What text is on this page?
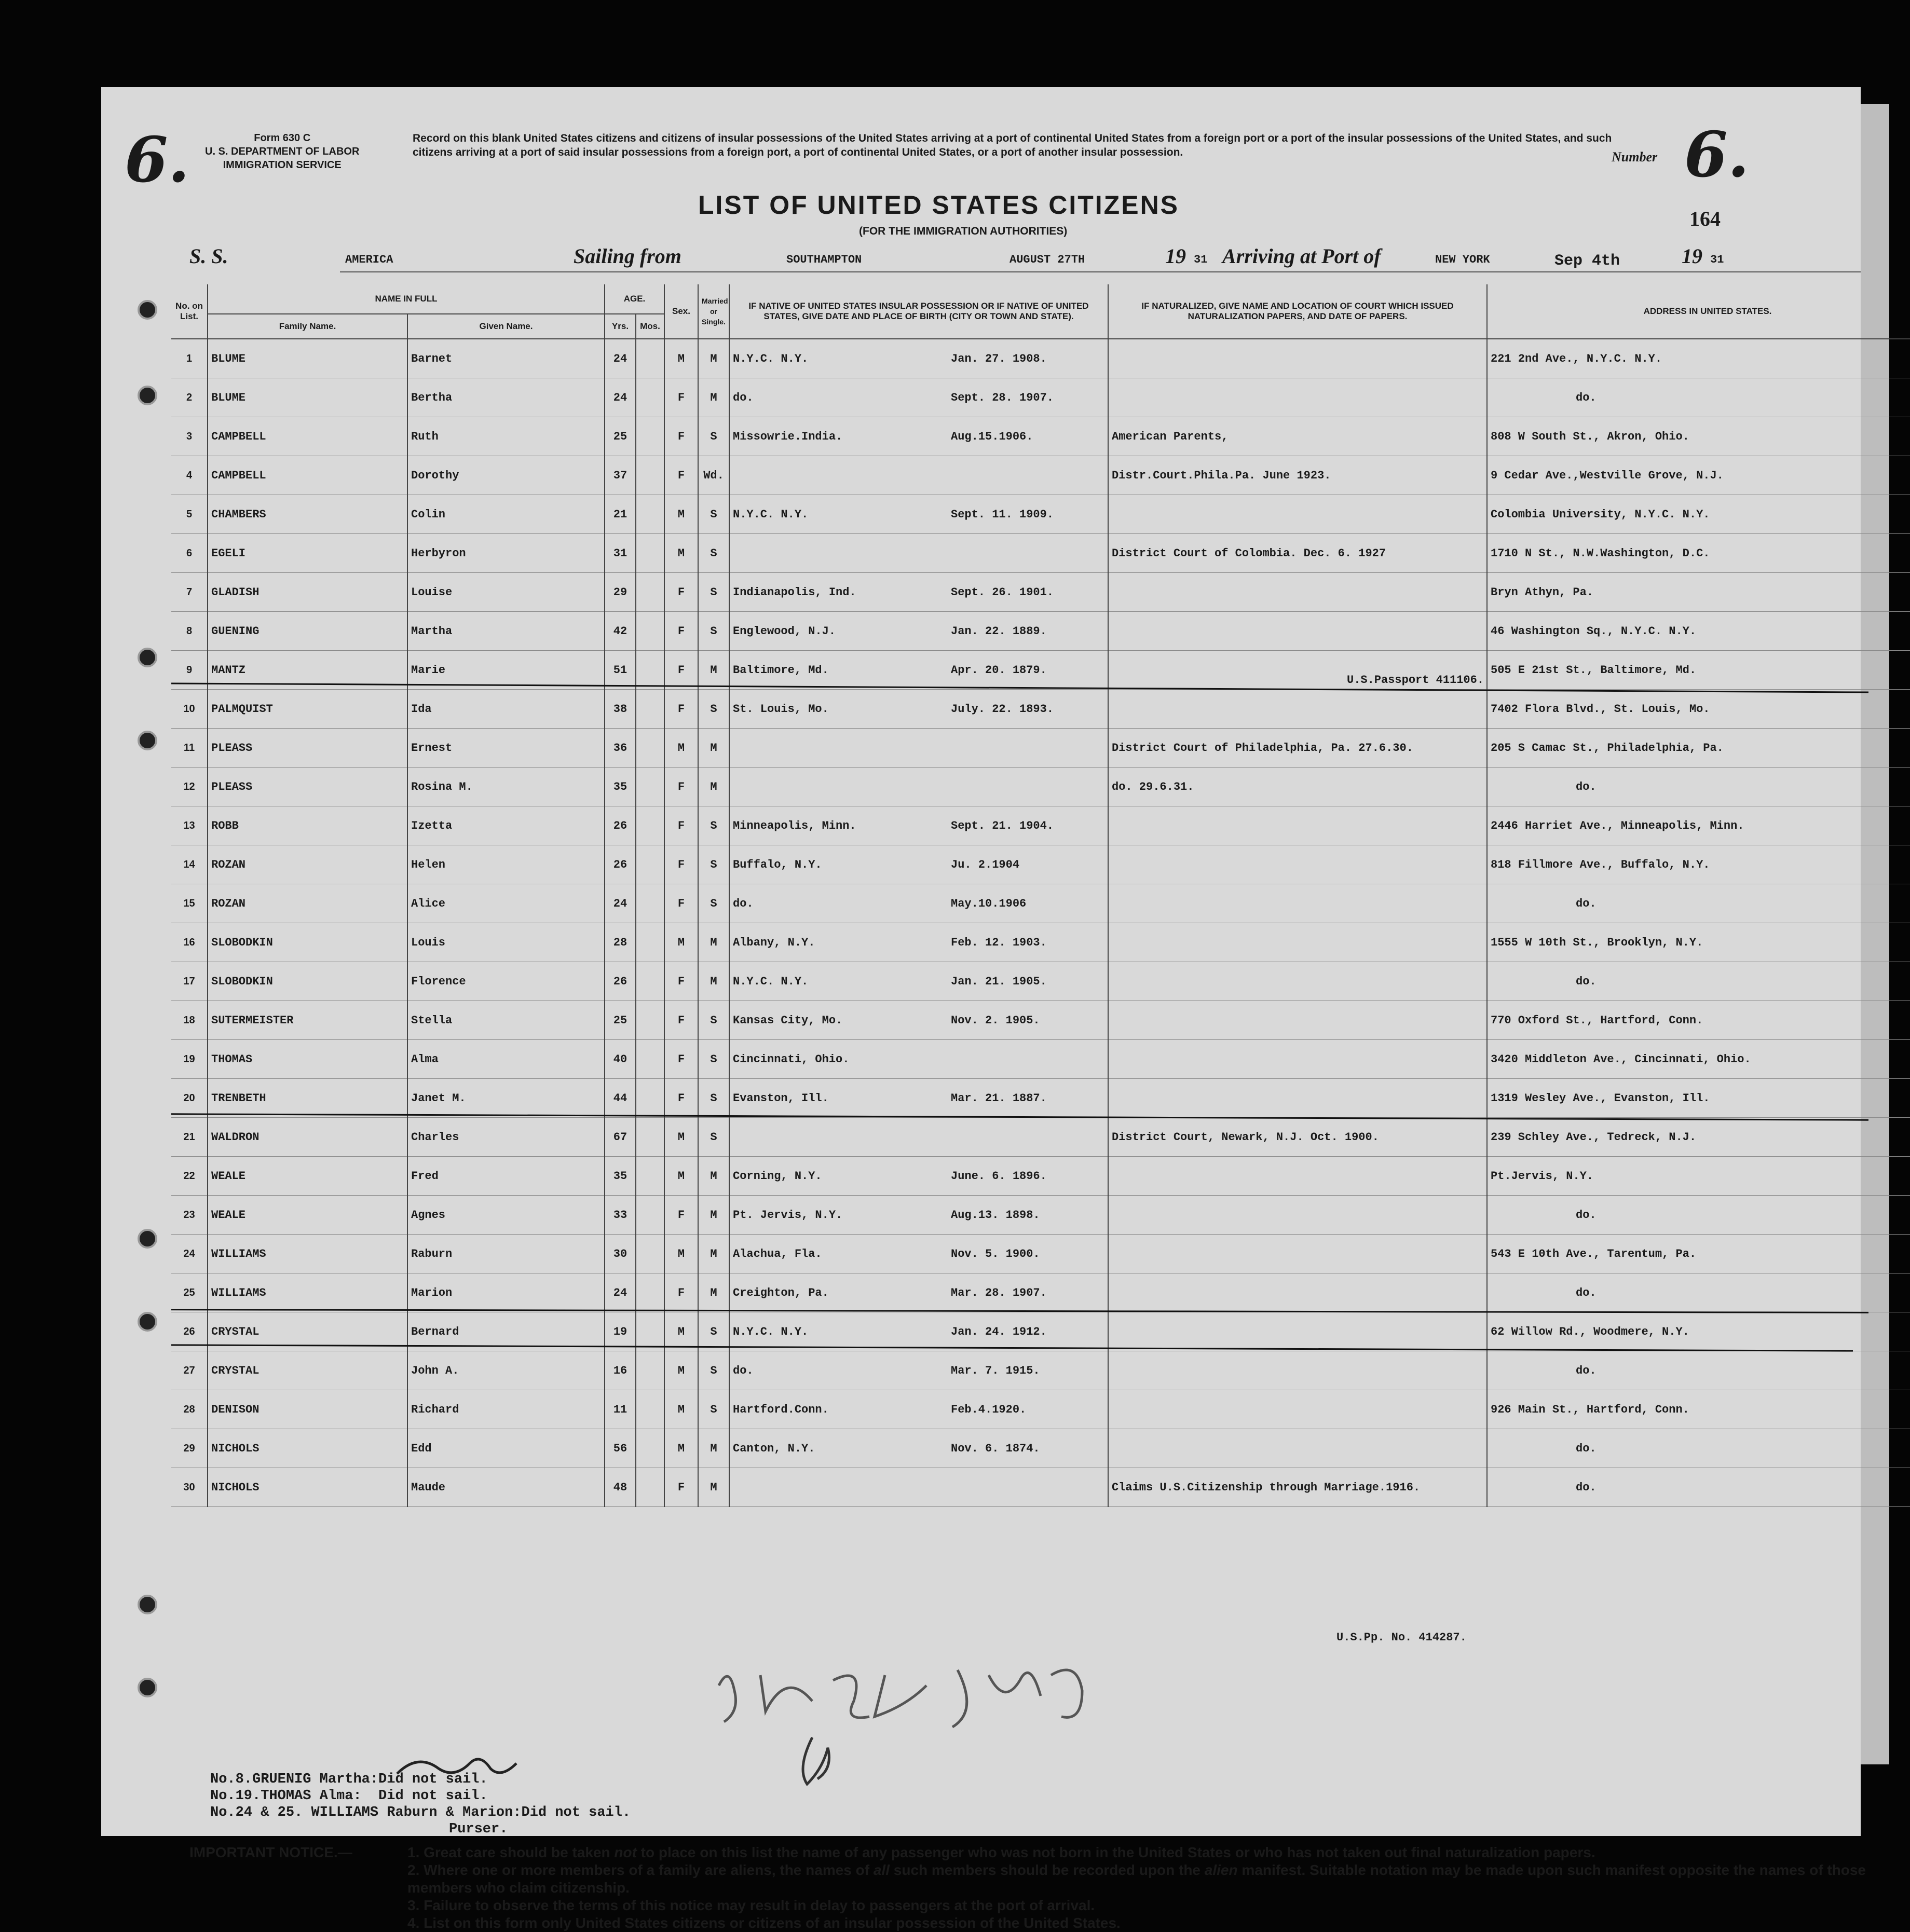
6.	Form 630 C
U. S. DEPARTMENT OF LABOR
IMMIGRATION SERVICE
Record on this blank United States citizens and citizens of insular possessions of the United States arriving at a port of continental United States from a foreign port or a port of the insular possessions of the United States, and such citizens arriving at a port of said insular possessions from a foreign port, a port of continental United States, or a port of another insular possession.	Number 6.
164
LIST OF UNITED STATES CITIZENS
(FOR THE IMMIGRATION AUTHORITIES)
S. S.	AMERICA	Sailing from	SOUTHAMPTON	AUGUST 27TH	19 31 Arriving at Port of	NEW YORK	Sep 4th	19 31
No. on List.	NAME IN FULL		AGE.		Sex.	Married or Single.	IF NATIVE OF UNITED STATES INSULAR POSSESSION OR IF NATIVE OF UNITED STATES, GIVE DATE AND PLACE OF BIRTH (CITY OR TOWN AND STATE).	IF NATURALIZED, GIVE NAME AND LOCATION OF COURT WHICH ISSUED NATURALIZATION PAPERS, AND DATE OF PAPERS.	ADDRESS IN UNITED STATES.
	Family Name.	Given Name.	Yrs.	Mos.					
1	BLUME	Barnet	24		M	M	N.Y.C. N.Y. Jan. 27. 1908.		221 2nd Ave., N.Y.C. N.Y.
2	BLUME	Bertha	24		F	M	do. Sept. 28. 1907.		do.
3	CAMPBELL	Ruth	25		F	S	Missowrie.India. Aug.15.1906.	American Parents,	808 W South St., Akron, Ohio.
4	CAMPBELL	Dorothy	37		F	Wd.		Distr.Court.Phila.Pa. June 1923.	9 Cedar Ave.,Westville Grove, N.J.
5	CHAMBERS	Colin	21		M	S	N.Y.C. N.Y. Sept. 11. 1909.		Colombia University, N.Y.C. N.Y.
6	EGELI	Herbyron	31		M	S		District Court of Colombia. Dec. 6. 1927	1710 N St., N.W.Washington, D.C.
7	GLADISH	Louise	29		F	S	Indianapolis, Ind. Sept. 26. 1901.		Bryn Athyn, Pa.
8	GUENING	Martha	42		F	S	Englewood, N.J. Jan. 22. 1889.		46 Washington Sq., N.Y.C. N.Y.
9	MANTZ	Marie	51		F	M	Baltimore, Md. Apr. 20. 1879.		505 E 21st St., Baltimore, Md.
10	PALMQUIST	Ida	38		F	S	St. Louis, Mo. July. 22. 1893.		7402 Flora Blvd., St. Louis, Mo.
11	PLEASS	Ernest	36		M	M		District Court of Philadelphia, Pa. 27.6.30.	205 S Camac St., Philadelphia, Pa.
12	PLEASS	Rosina M.	35		F	M		do. 29.6.31.	do.
13	ROBB	Izetta	26		F	S	Minneapolis, Minn. Sept. 21. 1904.		2446 Harriet Ave., Minneapolis, Minn.
14	ROZAN	Helen	26		F	S	Buffalo, N.Y. Ju. 2.1904		818 Fillmore Ave., Buffalo, N.Y.
15	ROZAN	Alice	24		F	S	do. May.10.1906		do.
16	SLOBODKIN	Louis	28		M	M	Albany, N.Y. Feb. 12. 1903.		1555 W 10th St., Brooklyn, N.Y.
17	SLOBODKIN	Florence	26		F	M	N.Y.C. N.Y. Jan. 21. 1905.		do.
18	SUTERMEISTER	Stella	25		F	S	Kansas City, Mo. Nov. 2. 1905.		770 Oxford St., Hartford, Conn.
19	THOMAS	Alma	40		F	S	Cincinnati, Ohio.		3420 Middleton Ave., Cincinnati, Ohio.
20	TRENBETH	Janet M.	44		F	S	Evanston, Ill. Mar. 21. 1887.		1319 Wesley Ave., Evanston, Ill.
21	WALDRON	Charles	67		M	S		District Court, Newark, N.J. Oct. 1900.	239 Schley Ave., Tedreck, N.J.
22	WEALE	Fred	35		M	M	Corning, N.Y. June. 6. 1896.		Pt.Jervis, N.Y.
23	WEALE	Agnes	33		F	M	Pt. Jervis, N.Y. Aug.13. 1898.		do.
24	WILLIAMS	Raburn	30		M	M	Alachua, Fla. Nov. 5. 1900.		543 E 10th Ave., Tarentum, Pa.
25	WILLIAMS	Marion	24		F	M	Creighton, Pa. Mar. 28. 1907.		do.
26	CRYSTAL	Bernard	19		M	S	N.Y.C. N.Y. Jan. 24. 1912.		62 Willow Rd., Woodmere, N.Y.
27	CRYSTAL	John A.	16		M	S	do. Mar. 7. 1915.		do.
28	DENISON	Richard	11		M	S	Hartford.Conn. Feb.4.1920.		926 Main St., Hartford, Conn.
29	NICHOLS	Edd	56		M	M	Canton, N.Y. Nov. 6. 1874.		do.
30	NICHOLS	Maude	48		F	M		Claims U.S.Citizenship through Marriage.1916.	do.
U.S.Passport 411106.
U.S.Pp. No. 414287.
No.8.GRUENIG Martha:Did not sail.
No.19.THOMAS Alma:  Did not sail.
No.24 & 25. WILLIAMS Raburn & Marion:Did not sail.
Purser.
IMPORTANT NOTICE.—	1. Great care should be taken not to place on this list the name of any passenger who was not born in the United States or who has not taken out final naturalization papers.
2. Where one or more members of a family are aliens, the names of all such members should be recorded upon the alien manifest. Suitable notation may be made upon such manifest opposite the names of those members who claim citizenship.
3. Failure to observe the terms of this notice may result in delay to passengers at the port of arrival.
4. List on this form only United States citizens or citizens of an insular possession of the United States.
